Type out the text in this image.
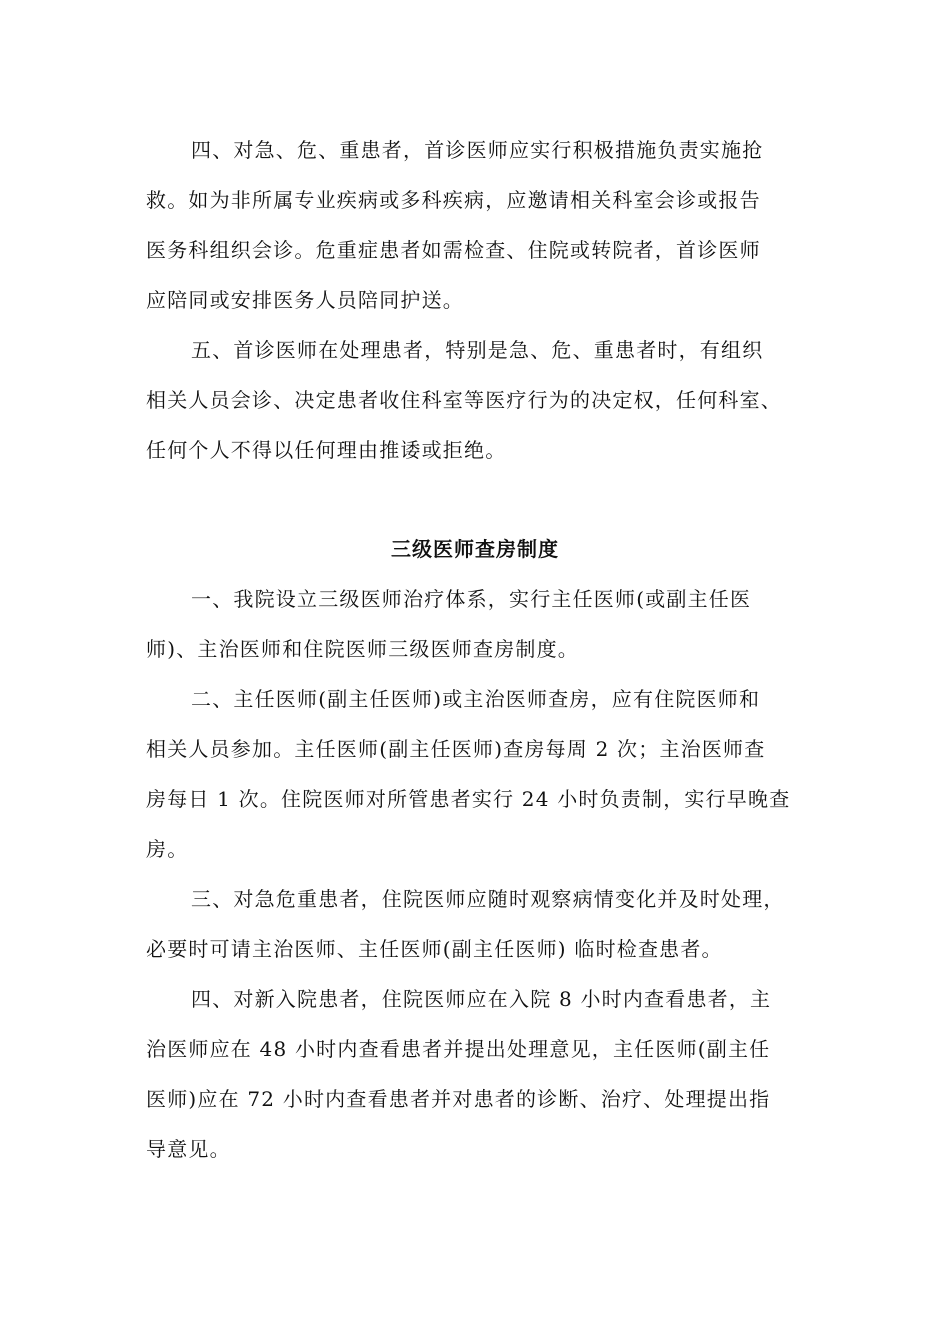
四、对急、危、重患者，首诊医师应实行积极措施负责实施抢
救。如为非所属专业疾病或多科疾病，应邀请相关科室会诊或报告
医务科组织会诊。危重症患者如需检查、住院或转院者，首诊医师
应陪同或安排医务人员陪同护送。
五、首诊医师在处理患者，特别是急、危、重患者时，有组织
相关人员会诊、决定患者收住科室等医疗行为的决定权，任何科室、
任何个人不得以任何理由推诿或拒绝。
三级医师查房制度
一、我院设立三级医师治疗体系，实行主任医师(或副主任医
师)、主治医师和住院医师三级医师查房制度。
二、主任医师(副主任医师)或主治医师查房，应有住院医师和
相关人员参加。主任医师(副主任医师)查房每周 2 次；主治医师查
房每日 1 次。住院医师对所管患者实行 24 小时负责制，实行早晚查
房。
三、对急危重患者，住院医师应随时观察病情变化并及时处理，
必要时可请主治医师、主任医师(副主任医师) 临时检查患者。
四、对新入院患者，住院医师应在入院 8 小时内查看患者，主
治医师应在 48 小时内查看患者并提出处理意见，主任医师(副主任
医师)应在 72 小时内查看患者并对患者的诊断、治疗、处理提出指
导意见。
